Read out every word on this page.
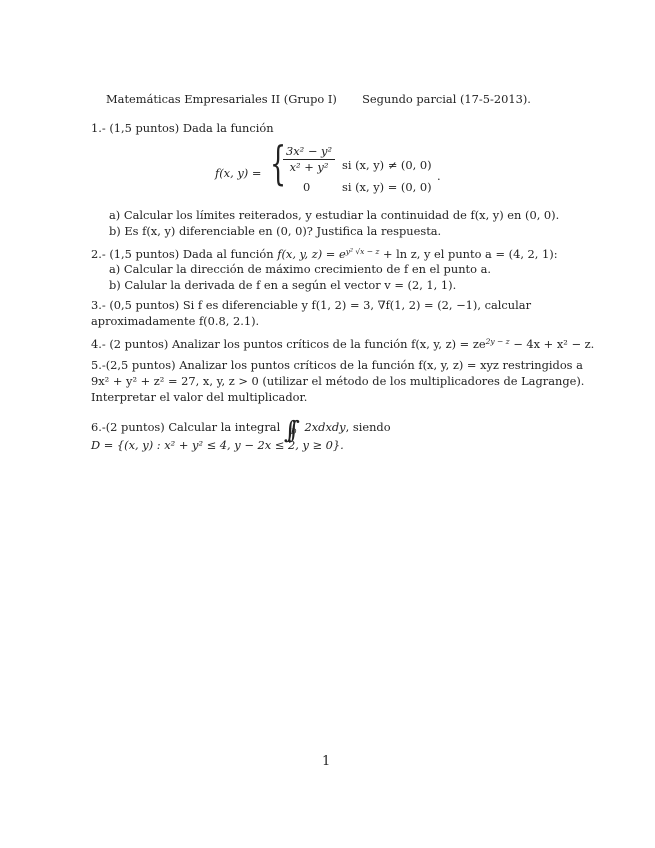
Matemáticas Empresariales II (Grupo I) Segundo parcial (17-5-2013).
1.- (1,5 puntos) Dada la función
f(x, y) = {
$\frac{\text{3x² − y²}}{\text{x² + y²}}$ si (x, y) ≠ (0, 0)
0	si (x, y) = (0, 0)
.
a) Calcular los límites reiterados, y estudiar la continuidad de f(x, y) en (0, 0).
b) Es f(x, y) diferenciable en (0, 0)? Justifica la respuesta.
2.- (1,5 puntos) Dada al función f(x, y, $z) = e^{y^2 √x - z} + \ln z$, y el punto a = (4, 2, 1):
a) Calcular la dirección de máximo crecimiento de f en el punto a.
b) Calular la derivada de f en a según el vector v = (2, 1, 1).
3.- (0,5 puntos) Si f es diferenciable y f(1, 2) = 3, ∇f(1, 2) = (2, −1), calcular
aproximadamente f(0.8, 2.1).
4.- (2 puntos) Analizar los puntos críticos de la función f(x, y, $z) = ze^{2y - z} - 4x + x^2 - z$.
5.-(2,5 puntos) Analizar los puntos críticos de la función f(x, y, z) = xyz restringidos a
9x² + y² + z² = 27, x, y, z > 0 (utilizar el método de los multiplicadores de Lagrange).
Interpretar el valor del multiplicador.
6.-(2 puntos) Calcular la integral $\int\int_D$ 2xdxdy, siendo
D = {(x, y) : x² + y² ≤ 4, y − 2x ≤ 2, y ≥ 0}.
1
